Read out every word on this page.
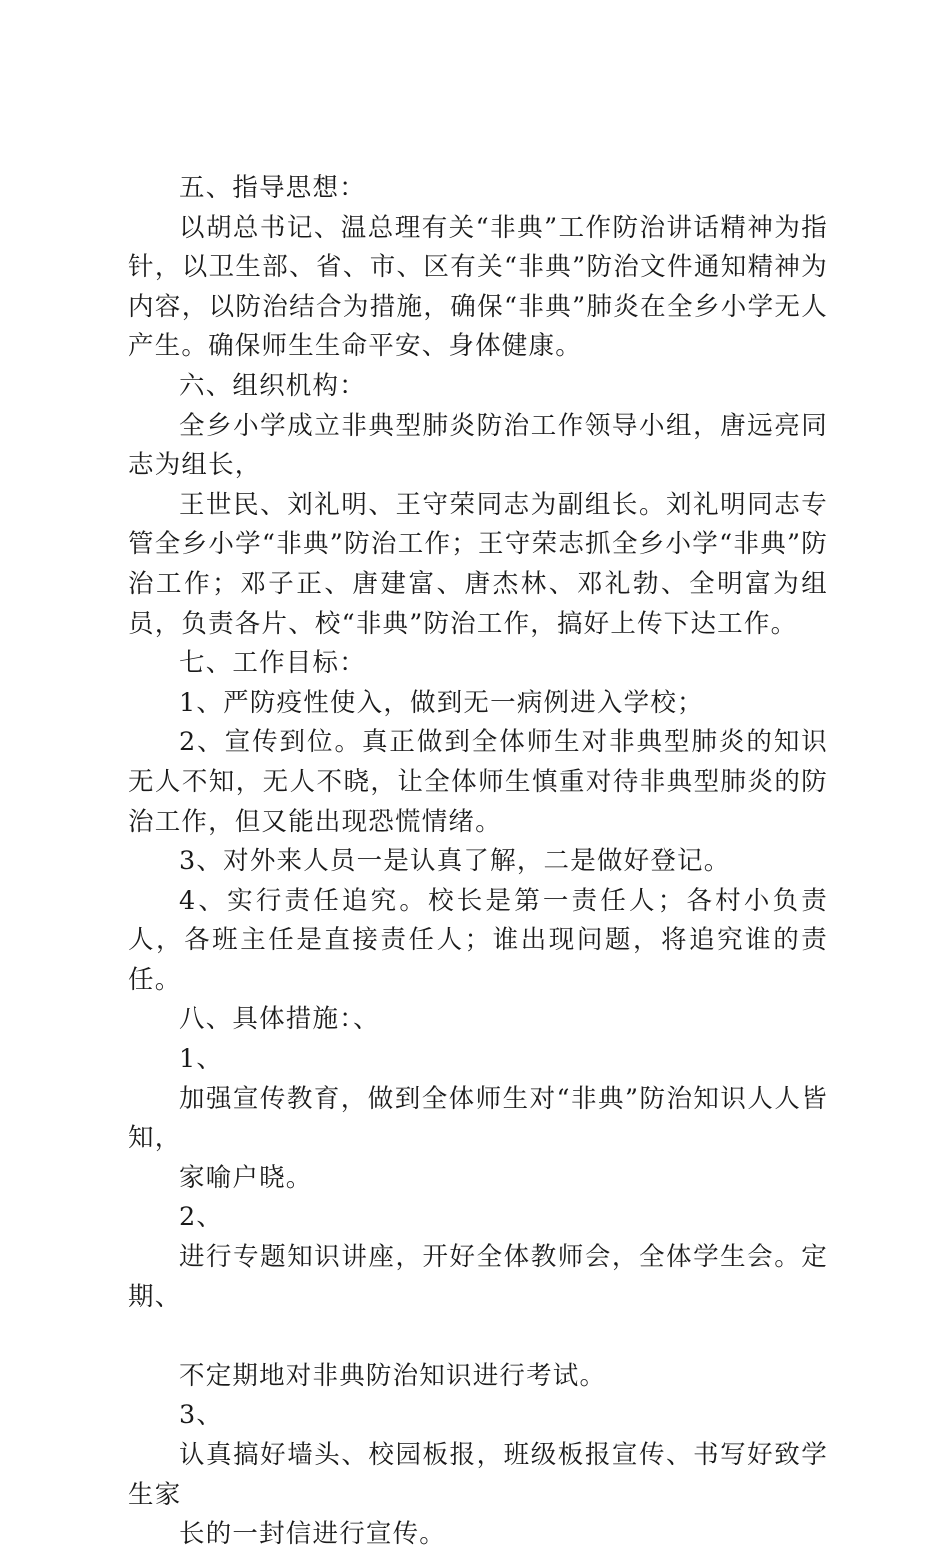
五、指导思想：

以胡总书记、温总理有关“非典”工作防治讲话精神为指针，以卫生部、省、市、区有关“非典”防治文件通知精神为内容，以防治结合为措施，确保“非典”肺炎在全乡小学无人产生。确保师生生命平安、身体健康。

六、组织机构：

全乡小学成立非典型肺炎防治工作领导小组，唐远亮同志为组长，

王世民、刘礼明、王守荣同志为副组长。刘礼明同志专管全乡小学“非典”防治工作；王守荣志抓全乡小学“非典”防治工作；邓子正、唐建富、唐杰林、邓礼勃、全明富为组员，负责各片、校“非典”防治工作，搞好上传下达工作。

七、工作目标：

1、严防疫性使入，做到无一病例进入学校；

2、宣传到位。真正做到全体师生对非典型肺炎的知识无人不知，无人不晓，让全体师生慎重对待非典型肺炎的防治工作，但又能出现恐慌情绪。

3、对外来人员一是认真了解，二是做好登记。

4、实行责任追究。校长是第一责任人；各村小负责人，各班主任是直接责任人；谁出现问题，将追究谁的责任。

八、具体措施：、

1、

加强宣传教育，做到全体师生对“非典”防治知识人人皆知，

家喻户晓。

2、

进行专题知识讲座，开好全体教师会，全体学生会。定期、

不定期地对非典防治知识进行考试。

3、

认真搞好墙头、校园板报，班级板报宣传、书写好致学生家

长的一封信进行宣传。
